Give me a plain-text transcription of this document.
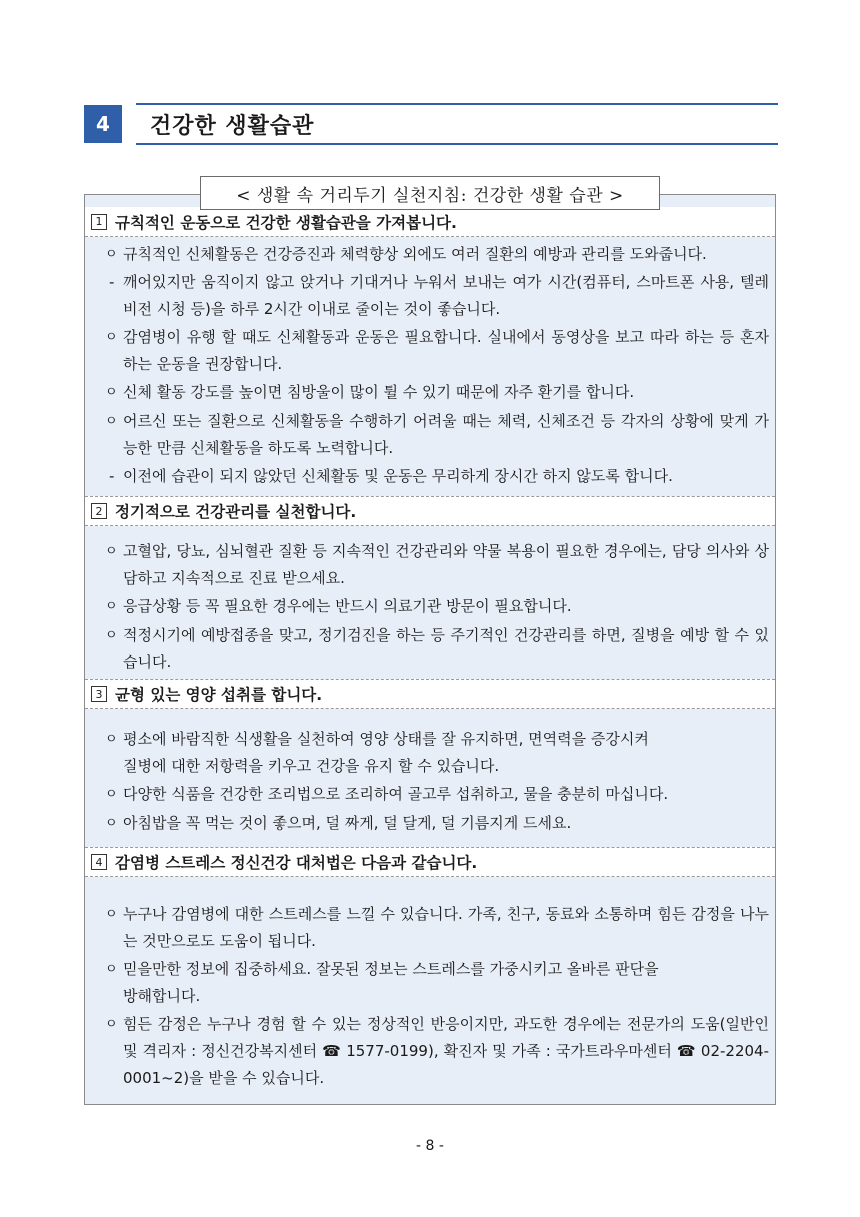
4	건강한 생활습관
< 생활 속 거리두기 실천지침: 건강한 생활 습관 >
1 규칙적인 운동으로 건강한 생활습관을 가져봅니다.
ㅇ 규칙적인 신체활동은 건강증진과 체력향상 외에도 여러 질환의 예방과 관리를 도와줍니다.
- 깨어있지만 움직이지 않고 앉거나 기대거나 누워서 보내는 여가 시간(컴퓨터, 스마트폰 사용, 텔레비전 시청 등)을 하루 2시간 이내로 줄이는 것이 좋습니다.
ㅇ 감염병이 유행 할 때도 신체활동과 운동은 필요합니다. 실내에서 동영상을 보고 따라 하는 등 혼자 하는 운동을 권장합니다.
ㅇ 신체 활동 강도를 높이면 침방울이 많이 튈 수 있기 때문에 자주 환기를 합니다.
ㅇ 어르신 또는 질환으로 신체활동을 수행하기 어려울 때는 체력, 신체조건 등 각자의 상황에 맞게 가능한 만큼 신체활동을 하도록 노력합니다.
- 이전에 습관이 되지 않았던 신체활동 및 운동은 무리하게 장시간 하지 않도록 합니다.
2 정기적으로 건강관리를 실천합니다.
ㅇ 고혈압, 당뇨, 심뇌혈관 질환 등 지속적인 건강관리와 약물 복용이 필요한 경우에는, 담당 의사와 상담하고 지속적으로 진료 받으세요.
ㅇ 응급상황 등 꼭 필요한 경우에는 반드시 의료기관 방문이 필요합니다.
ㅇ 적정시기에 예방접종을 맞고, 정기검진을 하는 등 주기적인 건강관리를 하면, 질병을 예방 할 수 있습니다.
3 균형 있는 영양 섭취를 합니다.
ㅇ 평소에 바람직한 식생활을 실천하여 영양 상태를 잘 유지하면, 면역력을 증강시켜
질병에 대한 저항력을 키우고 건강을 유지 할 수 있습니다.
ㅇ 다양한 식품을 건강한 조리법으로 조리하여 골고루 섭취하고, 물을 충분히 마십니다.
ㅇ 아침밥을 꼭 먹는 것이 좋으며, 덜 짜게, 덜 달게, 덜 기름지게 드세요.
4 감염병 스트레스 정신건강 대처법은 다음과 같습니다.
ㅇ 누구나 감염병에 대한 스트레스를 느낄 수 있습니다. 가족, 친구, 동료와 소통하며 힘든 감정을 나누는 것만으로도 도움이 됩니다.
ㅇ 믿을만한 정보에 집중하세요. 잘못된 정보는 스트레스를 가중시키고 올바른 판단을
방해합니다.
ㅇ 힘든 감정은 누구나 경험 할 수 있는 정상적인 반응이지만, 과도한 경우에는 전문가의 도움(일반인 및 격리자 : 정신건강복지센터 ☎ 1577-0199), 확진자 및 가족 : 국가트라우마센터 ☎ 02-2204-0001~2)을 받을 수 있습니다.
- 8 -
